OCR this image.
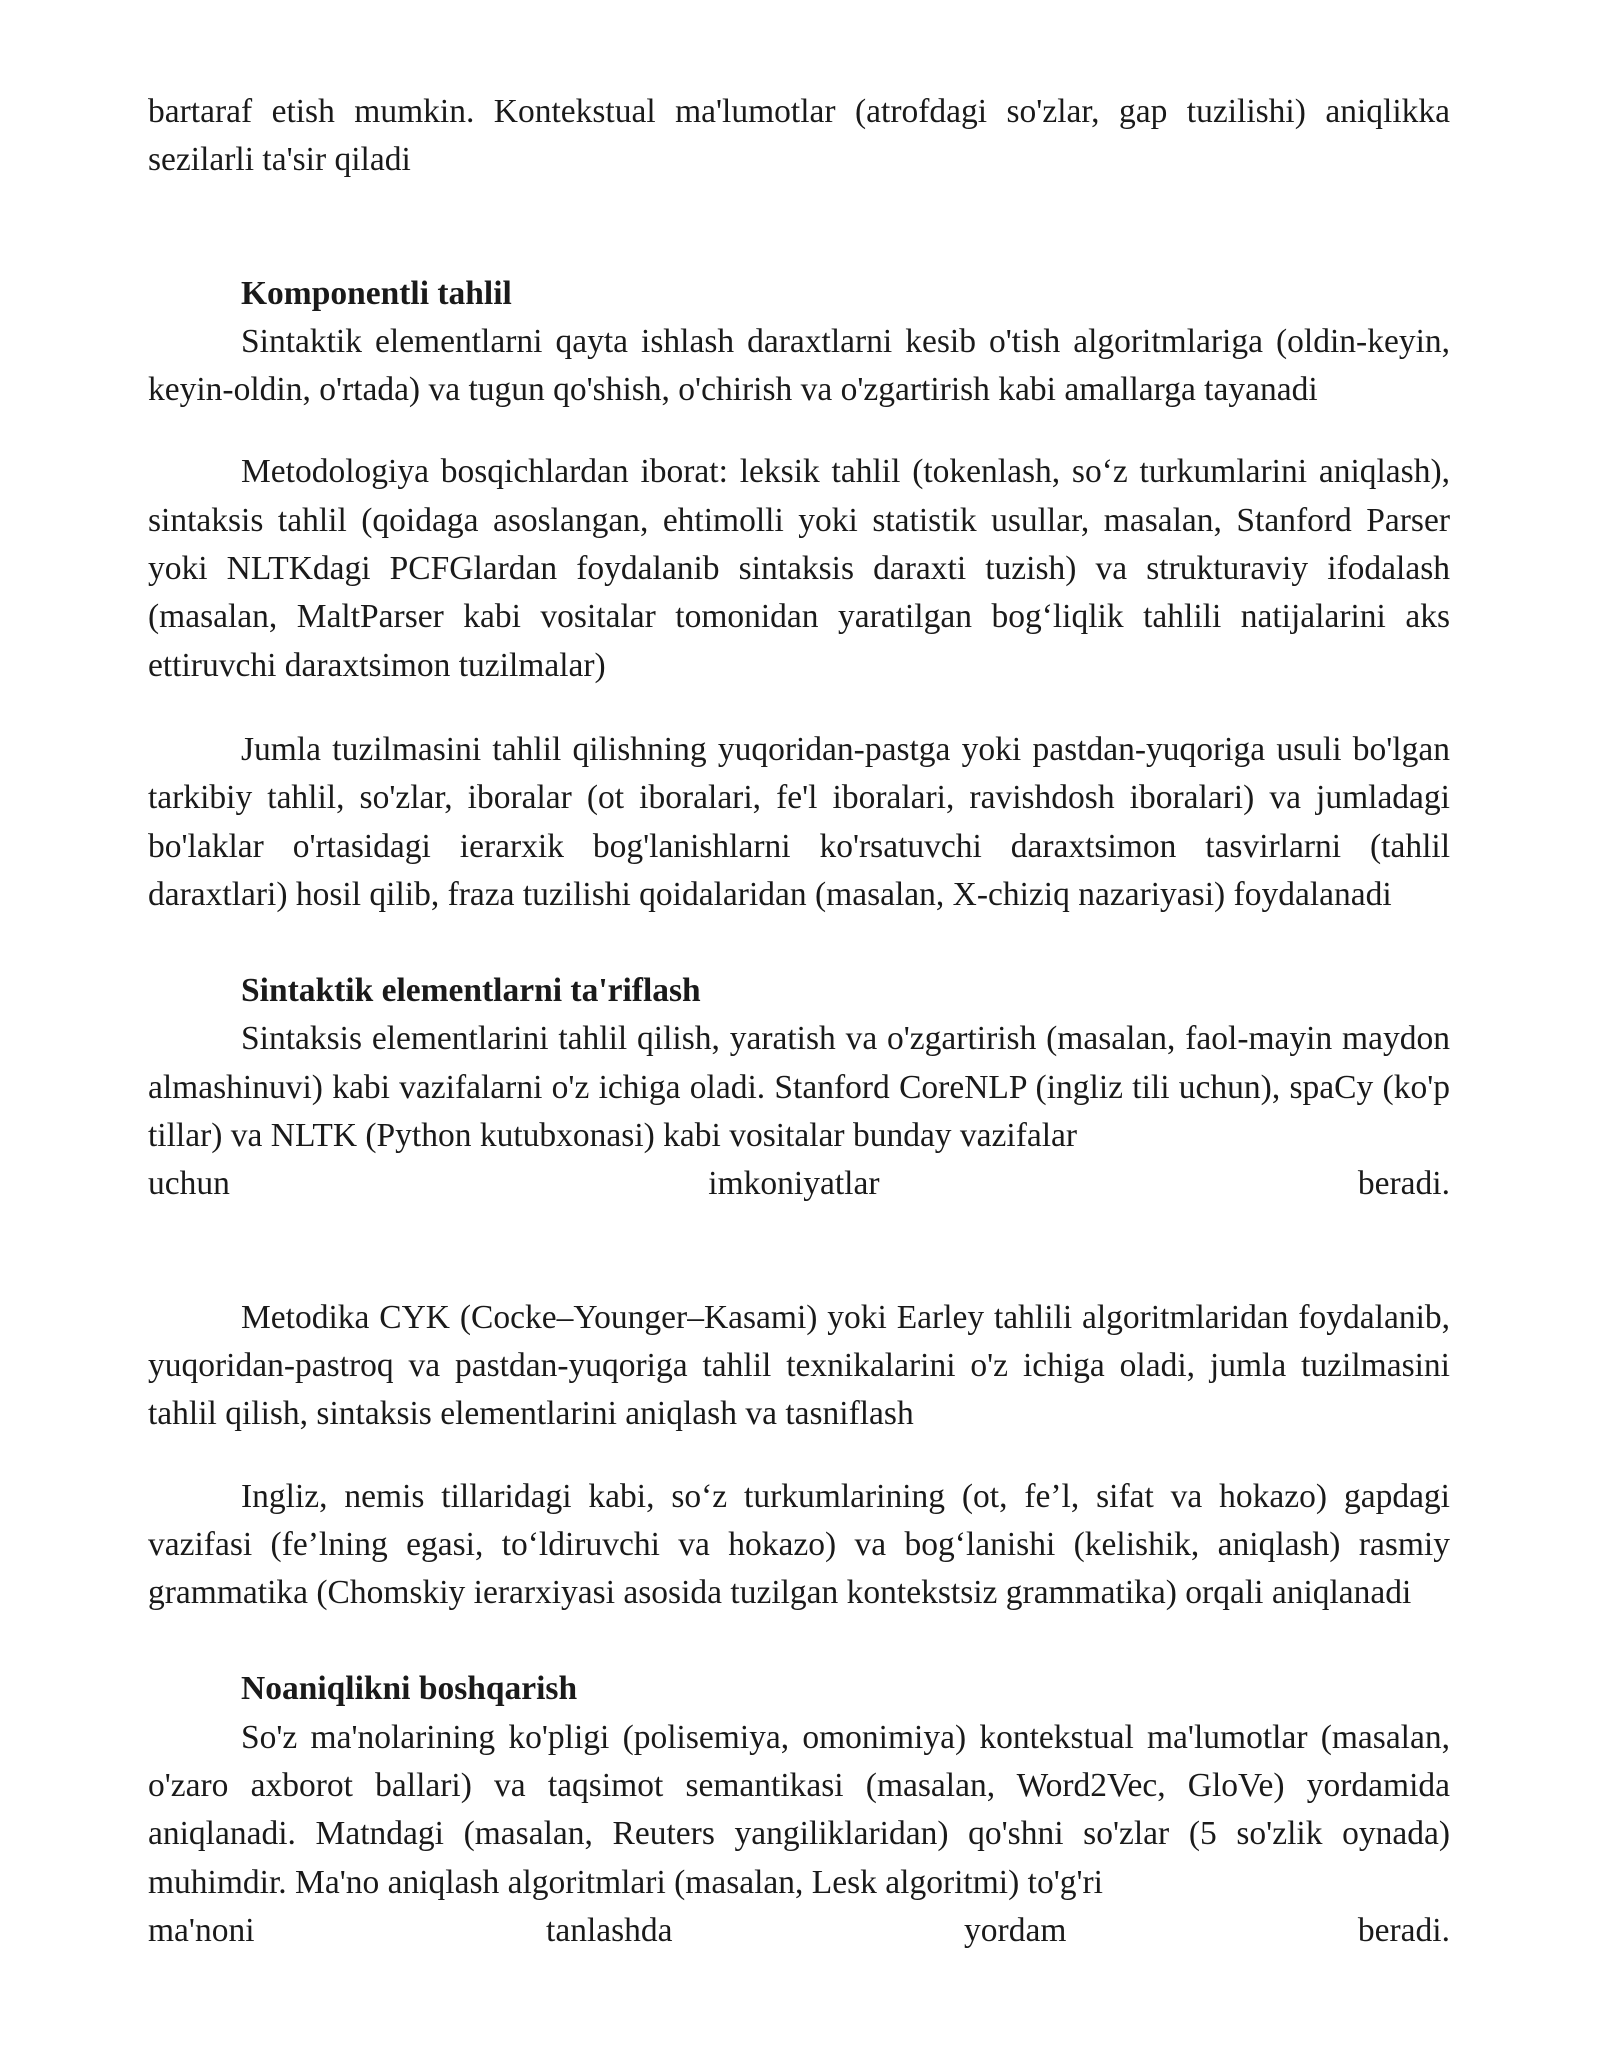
bartaraf etish mumkin. Kontekstual ma'lumotlar (atrofdagi so'zlar, gap tuzilishi) aniqlikka sezilarli ta'sir qiladi

Komponentli tahlil

Sintaktik elementlarni qayta ishlash daraxtlarni kesib o'tish algoritmlariga (oldin-keyin, keyin-oldin, o'rtada) va tugun qo'shish, o'chirish va o'zgartirish kabi amallarga tayanadi

Metodologiya bosqichlardan iborat: leksik tahlil (tokenlash, so‘z turkumlarini aniqlash), sintaksis tahlil (qoidaga asoslangan, ehtimolli yoki statistik usullar, masalan, Stanford Parser yoki NLTKdagi PCFGlardan foydalanib sintaksis daraxti tuzish) va strukturaviy ifodalash (masalan, MaltParser kabi vositalar tomonidan yaratilgan bog‘liqlik tahlili natijalarini aks ettiruvchi daraxtsimon tuzilmalar)

Jumla tuzilmasini tahlil qilishning yuqoridan-pastga yoki pastdan-yuqoriga usuli bo'lgan tarkibiy tahlil, so'zlar, iboralar (ot iboralari, fe'l iboralari, ravishdosh iboralari) va jumladagi bo'laklar o'rtasidagi ierarxik bog'lanishlarni ko'rsatuvchi daraxtsimon tasvirlarni (tahlil daraxtlari) hosil qilib, fraza tuzilishi qoidalaridan (masalan, X-chiziq nazariyasi) foydalanadi

Sintaktik elementlarni ta'riflash

Sintaksis elementlarini tahlil qilish, yaratish va o'zgartirish (masalan, faol-mayin maydon almashinuvi) kabi vazifalarni o'z ichiga oladi. Stanford CoreNLP (ingliz tili uchun), spaCy (ko'p tillar) va NLTK (Python kutubxonasi) kabi vositalar bunday vazifalar

uchun	imkoniyatlar	beradi.

Metodika CYK (Cocke–Younger–Kasami) yoki Earley tahlili algoritmlaridan foydalanib, yuqoridan-pastroq va pastdan-yuqoriga tahlil texnikalarini o'z ichiga oladi, jumla tuzilmasini tahlil qilish, sintaksis elementlarini aniqlash va tasniflash

Ingliz, nemis tillaridagi kabi, so‘z turkumlarining (ot, fe’l, sifat va hokazo) gapdagi vazifasi (fe’lning egasi, to‘ldiruvchi va hokazo) va bog‘lanishi (kelishik, aniqlash) rasmiy grammatika (Chomskiy ierarxiyasi asosida tuzilgan kontekstsiz grammatika) orqali aniqlanadi

Noaniqlikni boshqarish

So'z ma'nolarining ko'pligi (polisemiya, omonimiya) kontekstual ma'lumotlar (masalan, o'zaro axborot ballari) va taqsimot semantikasi (masalan, Word2Vec, GloVe) yordamida aniqlanadi. Matndagi (masalan, Reuters yangiliklaridan) qo'shni so'zlar (5 so'zlik oynada) muhimdir. Ma'no aniqlash algoritmlari (masalan, Lesk algoritmi) to'g'ri

ma'noni	tanlashda	yordam	beradi.
